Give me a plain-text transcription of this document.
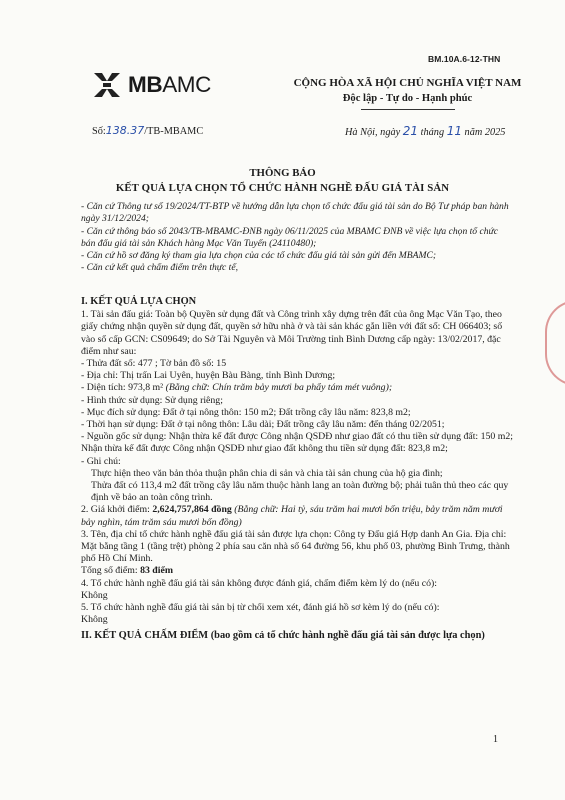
BM.10A.6-12-THN
MBAMC	CỘNG HÒA XÃ HỘI CHỦ NGHĨA VIỆT NAM
Độc lập - Tự do - Hạnh phúc
Số:138.37/TB-MBAMC	Hà Nội, ngày 21 tháng 11 năm 2025
THÔNG BÁO
KẾT QUẢ LỰA CHỌN TỔ CHỨC HÀNH NGHỀ ĐẤU GIÁ TÀI SẢN
- Căn cứ Thông tư số 19/2024/TT-BTP về hướng dẫn lựa chọn tổ chức đấu giá tài sản do Bộ Tư pháp ban hành ngày 31/12/2024;
- Căn cứ thông báo số 2043/TB-MBAMC-ĐNB ngày 06/11/2025 của MBAMC ĐNB về việc lựa chọn tổ chức bán đấu giá tài sản Khách hàng Mạc Văn Tuyến (24110480);
- Căn cứ hồ sơ đăng ký tham gia lựa chọn của các tổ chức đấu giá tài sản gửi đến MBAMC;
- Căn cứ kết quả chấm điểm trên thực tế,

I. KẾT QUẢ LỰA CHỌN

1. Tài sản đấu giá: Toàn bộ Quyền sử dụng đất và Công trình xây dựng trên đất của ông Mạc Văn Tạo, theo giấy chứng nhận quyền sử dụng đất, quyền sở hữu nhà ở và tài sản khác gắn liền với đất số: CH 066403; số vào sổ cấp GCN: CS09649; do Sở Tài Nguyên và Môi Trường tỉnh Bình Dương cấp ngày: 13/02/2017, đặc điểm như sau:

- Thửa đất số: 477 ; Tờ bản đồ số: 15

- Địa chỉ: Thị trấn Lai Uyên, huyện Bàu Bàng, tỉnh Bình Dương;

- Diện tích: 973,8 m² (Bằng chữ: Chín trăm bảy mươi ba phẩy tám mét vuông);

- Hình thức sử dụng: Sử dụng riêng;

- Mục đích sử dụng: Đất ở tại nông thôn: 150 m2; Đất trồng cây lâu năm: 823,8 m2;

- Thời hạn sử dụng: Đất ở tại nông thôn: Lâu dài; Đất trồng cây lâu năm: đến tháng 02/2051;

- Nguồn gốc sử dụng: Nhận thừa kế đất được Công nhận QSDĐ như giao đất có thu tiền sử dụng đất: 150 m2; Nhận thừa kế đất được Công nhận QSDĐ như giao đất không thu tiền sử dụng đất: 823,8 m2;

- Ghi chú:

Thực hiện theo văn bản thỏa thuận phân chia di sản và chia tài sản chung của hộ gia đình;

Thửa đất có 113,4 m2 đất trồng cây lâu năm thuộc hành lang an toàn đường bộ; phải tuân thủ theo các quy định về bảo an toàn công trình.

2. Giá khởi điểm: 2,624,757,864 đồng (Bằng chữ: Hai tỷ, sáu trăm hai mươi bốn triệu, bảy trăm năm mươi bảy nghìn, tám trăm sáu mươi bốn đồng)

3. Tên, địa chỉ tổ chức hành nghề đấu giá tài sản được lựa chọn: Công ty Đấu giá Hợp danh An Gia. Địa chỉ: Mặt bằng tầng 1 (tầng trệt) phòng 2 phía sau căn nhà số 64 đường 56, khu phố 03, phường Bình Trưng, thành phố Hồ Chí Minh.

Tổng số điểm: 83 điểm

4. Tổ chức hành nghề đấu giá tài sản không được đánh giá, chấm điểm kèm lý do (nếu có):

Không

5. Tổ chức hành nghề đấu giá tài sản bị từ chối xem xét, đánh giá hồ sơ kèm lý do (nếu có):

Không

II. KẾT QUẢ CHẤM ĐIỂM (bao gồm cả tổ chức hành nghề đấu giá tài sản được lựa chọn)

1
